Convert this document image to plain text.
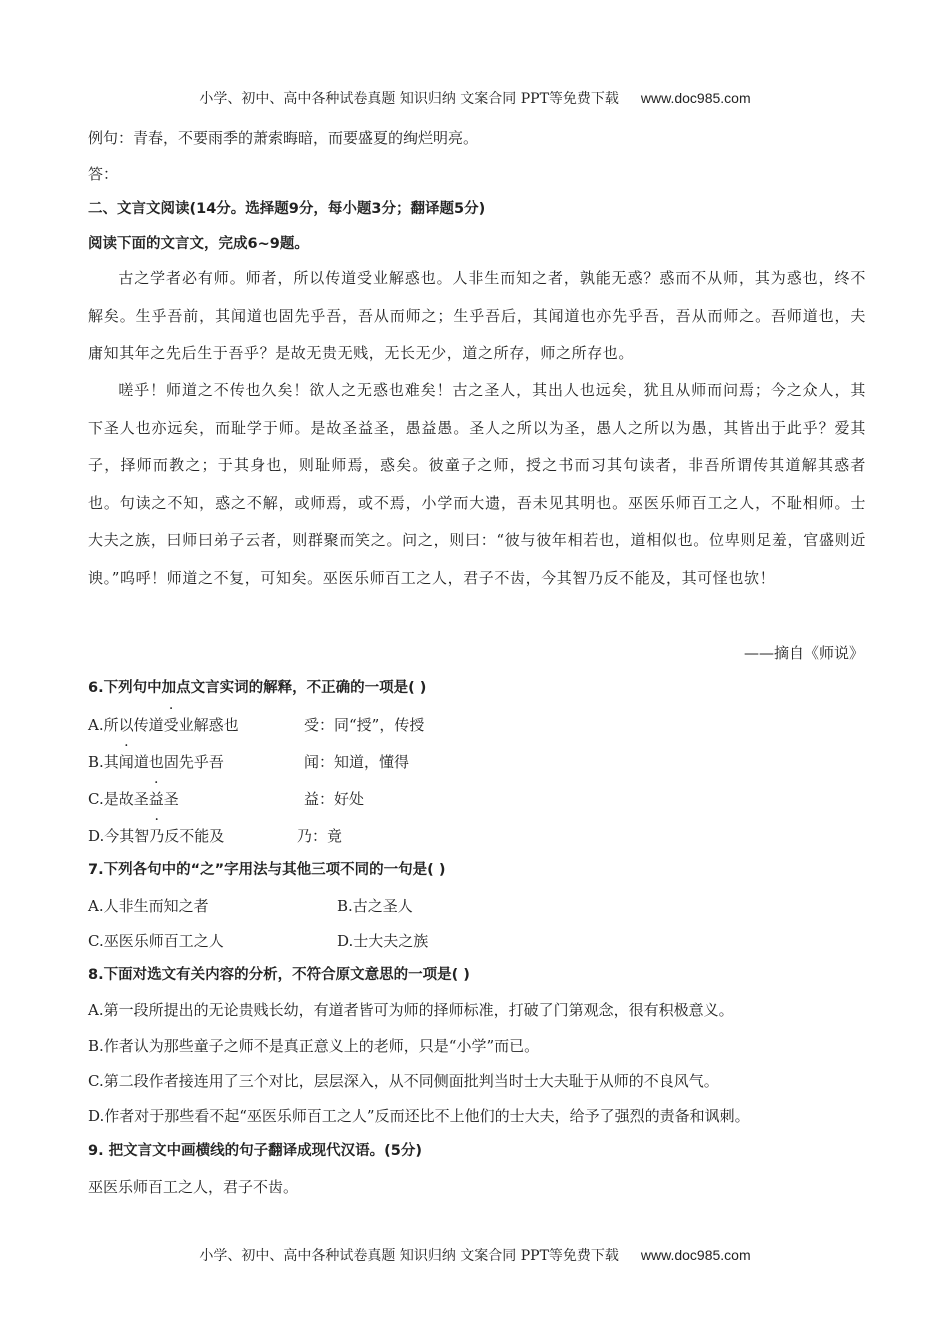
小学、初中、高中各种试卷真题 知识归纳 文案合同 PPT等免费下载 www.doc985.com
例句：青春，不要雨季的萧索晦暗，而要盛夏的绚烂明亮。
答：
二、文言文阅读(14分。选择题9分，每小题3分；翻译题5分)
阅读下面的文言文，完成6~9题。
古之学者必有师。师者，所以传道受业解惑也。人非生而知之者，孰能无惑？惑而不从师，其为惑也，终不解矣。生乎吾前，其闻道也固先乎吾，吾从而师之；生乎吾后，其闻道也亦先乎吾，吾从而师之。吾师道也，夫庸知其年之先后生于吾乎？是故无贵无贱，无长无少，道之所存，师之所存也。
嗟乎！师道之不传也久矣！欲人之无惑也难矣！古之圣人，其出人也远矣，犹且从师而问焉；今之众人，其下圣人也亦远矣，而耻学于师。是故圣益圣，愚益愚。圣人之所以为圣，愚人之所以为愚，其皆出于此乎？爱其子，择师而教之；于其身也，则耻师焉，惑矣。彼童子之师，授之书而习其句读者，非吾所谓传其道解其惑者也。句读之不知，惑之不解，或师焉，或不焉，小学而大遗，吾未见其明也。巫医乐师百工之人，不耻相师。士大夫之族，曰师曰弟子云者，则群聚而笑之。问之，则曰：“彼与彼年相若也，道相似也。位卑则足羞，官盛则近谀。”呜呼！师道之不复，可知矣。巫医乐师百工之人，君子不齿，今其智乃反不能及，其可怪也欤！
——摘自《师说》
6.下列句中加点文言实词的解释，不正确的一项是( )
A.所以传道受业解惑也	受：同“授”，传授
B.其闻道也固先乎吾	闻：知道，懂得
C.是故圣益圣	益：好处
D.今其智乃反不能及	乃：竟
7.下列各句中的“之”字用法与其他三项不同的一句是( )
A.人非生而知之者	B.古之圣人
C.巫医乐师百工之人	D.士大夫之族
8.下面对选文有关内容的分析，不符合原文意思的一项是( )
A.第一段所提出的无论贵贱长幼，有道者皆可为师的择师标准，打破了门第观念，很有积极意义。
B.作者认为那些童子之师不是真正意义上的老师，只是“小学”而已。
C.第二段作者接连用了三个对比，层层深入，从不同侧面批判当时士大夫耻于从师的不良风气。
D.作者对于那些看不起“巫医乐师百工之人”反而还比不上他们的士大夫，给予了强烈的责备和讽刺。
9. 把文言文中画横线的句子翻译成现代汉语。(5分)
巫医乐师百工之人，君子不齿。
小学、初中、高中各种试卷真题 知识归纳 文案合同 PPT等免费下载 www.doc985.com
